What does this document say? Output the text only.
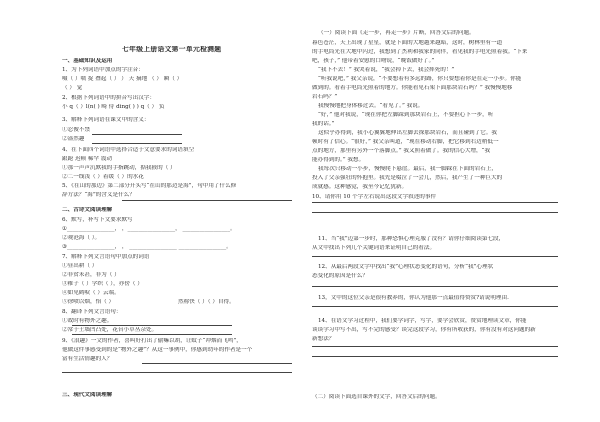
七年级上册语文第一单元检测题
一、基础知识及运用
1、为下列词语中加点的字注音：
嗫（ ）嚅 捉 叠起（ ） ） 天 摘地 （ ） 瞬（ ）
（ ） 觉
2、根据下列词语中的拼音写出汉字：
小 q（ ）l(n( ) 畸 侍 ding( ) ) q（ ） 负
3、解释下列词语在课文中的含义：
①忍俊不禁
②盎然趣
4、在下面四个词语中选择合适于文意要求的词语填空
踉跄 迟顿 稀罕 震动
①那一声声沉默我的手指跳动，掂我掖的（ ）
②二一线浅（ ）着缓（ ）的水花
5、《在山的那边》第二部分开头写“在山的那边是海”，句中用了什么修
辞方法？“海”的含义是什么？
二、古诗文阅读理解
6、默写，补写下文要求默写
①_________________， ，_________________， _________________。
②观沧海（ ）。
③_________________， ， _________________ _________________。
7、解释下列文言语句中加点的词语
①昼出耕（ ）
②非贫未甚，非为（ ）
③稚子（ ）学织（ ），亦傍（ ）
④如见鹤唳（ ）云端。
⑤徐喷以烟，怡（ ）	然称快（ ）（ ）自得。
8、翻译下列文言语句：
①故时有物外之趣。
②常于土墙凹凸处，花台小草丛杂处。
9、《浪趣》一文的作者，喜叫好打出了偷嘛以胡，让蚊子“冲烟而飞鸣”，
他做这件事感受到的是“物外之趣”？从这一事例中，你感到幼年的作者是一个
富有生活情趣的人？
三、现代文阅读理解
（一）阅读下面《走一步，再走一步》片断，回答文后的问题。
暮色苍茫，天上出现了星星，就是下面的大地越来越暗，这时，树林里有一道
的手电筒光在大地中闪过，我想到了杰利和我家的同伴，看见我的手电光照着我。“下来
吧，孩子，” 他带着安慰的口吻说，“晚饭做好了。”
“我下不去！” 我哭着说，“我会掉下去，我会摔死的！”
“听我说吧，” 我父亲说，“不要想着有多远的路，你只要想着你是在走一小步。你能
做到的。看着手电筒光照着的地方。你能看见石架下面那块岩石吗？” 我慢慢地移
岩石吗？”
我慢慢地把身体移过去。“看见了。” 我说。
“好，” 他对我说，“现在你把左脚踩到那块岩石上，不要担心下一步，听
我的话。”
这似乎办得到，我小心翼翼地伸出左脚去探那块岩石，而且碰到了它。我
顿时有了信心。“很好，” 我父亲叫道，“现在移动右脚，把它移到右边稍低一
点的地方，那里有另外一个落脚点。” 我又照着做了。我的信心大增，“我
能办得到的。” 我想。
我每次只移动一小步，慢慢爬下悬崖。最后，我一脚踩在下面的岩石上，
投入了父亲强壮的怀抱里。我先是啜泣了一会儿，然后，我产生了一种巨大的
成就感。这种感觉，我至今记忆犹新。
10、请你用 10 个字左右说出这段文字叙述的事件
11、当“我”迈第一步时，那种恐惧心理克服了没有？请你仔细阅读第七段，
从文中找出下列几个关键词语来证明自己的看法。
12、从最后两段文字中找出“我”心理状态变化的语句，分析“我”心理状
态变化的原因是什么？
13，文中的这位父亲是很有教养的，你认为他那一点最值得赞赏?请说明理由.
14、在语文学习过程中，我们要学词字，写字，要学会欣赏，赞赏地理读文章，你能
谈谈学习中写不出，写不完的感受？谈完这段学习，你有所收获的，你有没有对这问题的新
新想法？
（二）阅读下面选自课外的文字，回答文后的问题。
